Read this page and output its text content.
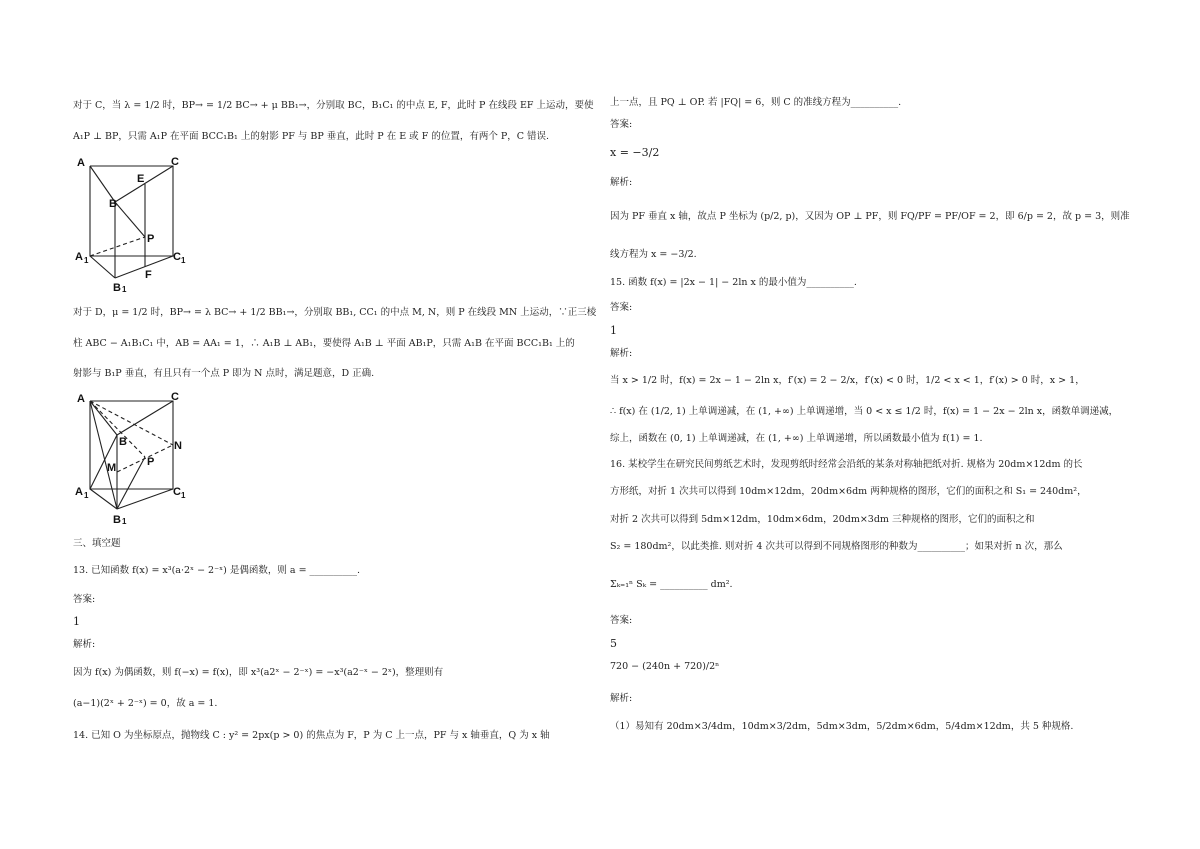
对于 C，当 λ = 1/2 时，BP→ = 1/2 BC→ + μ BB₁→，分别取 BC，B₁C₁ 的中点 E, F，此时 P 在线段 EF 上运动，要使
A₁P ⊥ BP，只需 A₁P 在平面 BCC₁B₁ 上的射影 PF 与 BP 垂直，此时 P 在 E 或 F 的位置，有两个 P，C 错误.
A	C
E
B
P
A 1	C 1
F
B 1
对于 D，μ = 1/2 时，BP→ = λ BC→ + 1/2 BB₁→，分别取 BB₁, CC₁ 的中点 M, N，则 P 在线段 MN 上运动，∵正三棱
柱 ABC − A₁B₁C₁ 中，AB = AA₁ = 1，∴ A₁B ⊥ AB₁，要使得 A₁B ⊥ 平面 AB₁P，只需 A₁B 在平面 BCC₁B₁ 上的
射影与 B₁P 垂直，有且只有一个点 P 即为 N 点时，满足题意，D 正确.
A	C
B	N
M	P
A 1	C 1
B 1
三、填空题
13. 已知函数 f(x) = x³(a·2ˣ − 2⁻ˣ) 是偶函数，则 a = __________.
答案:
1
解析:
因为 f(x) 为偶函数，则 f(−x) = f(x)，即 x³(a2ˣ − 2⁻ˣ) = −x³(a2⁻ˣ − 2ˣ)，整理则有
(a−1)(2ˣ + 2⁻ˣ) = 0，故 a = 1.
14. 已知 O 为坐标原点，抛物线 C : y² = 2px(p > 0) 的焦点为 F，P 为 C 上一点，PF 与 x 轴垂直，Q 为 x 轴
上一点，且 PQ ⊥ OP. 若 |FQ| = 6，则 C 的准线方程为__________.
答案:
x = −3/2
解析:
因为 PF 垂直 x 轴，故点 P 坐标为 (p/2, p)，又因为 OP ⊥ PF，则 FQ/PF = PF/OF = 2，即 6/p = 2，故 p = 3，则准
线方程为 x = −3/2.
15. 函数 f(x) = |2x − 1| − 2ln x 的最小值为__________.
答案:
1
解析:
当 x > 1/2 时，f(x) = 2x − 1 − 2ln x，f′(x) = 2 − 2/x，f′(x) < 0 时，1/2 < x < 1，f′(x) > 0 时，x > 1，
∴ f(x) 在 (1/2, 1) 上单调递减，在 (1, +∞) 上单调递增，当 0 < x ≤ 1/2 时，f(x) = 1 − 2x − 2ln x，函数单调递减，
综上，函数在 (0, 1) 上单调递减，在 (1, +∞) 上单调递增，所以函数最小值为 f(1) = 1.
16. 某校学生在研究民间剪纸艺术时，发现剪纸时经常会沿纸的某条对称轴把纸对折. 规格为 20dm×12dm 的长
方形纸，对折 1 次共可以得到 10dm×12dm，20dm×6dm 两种规格的图形，它们的面积之和 S₁ = 240dm²，
对折 2 次共可以得到 5dm×12dm，10dm×6dm，20dm×3dm 三种规格的图形，它们的面积之和
S₂ = 180dm²，以此类推. 则对折 4 次共可以得到不同规格图形的种数为__________；如果对折 n 次，那么
Σₖ₌₁ⁿ Sₖ = __________ dm².
答案:
5
720 − (240n + 720)/2ⁿ
解析:
（1）易知有 20dm×3/4dm，10dm×3/2dm，5dm×3dm，5/2dm×6dm，5/4dm×12dm，共 5 种规格.
